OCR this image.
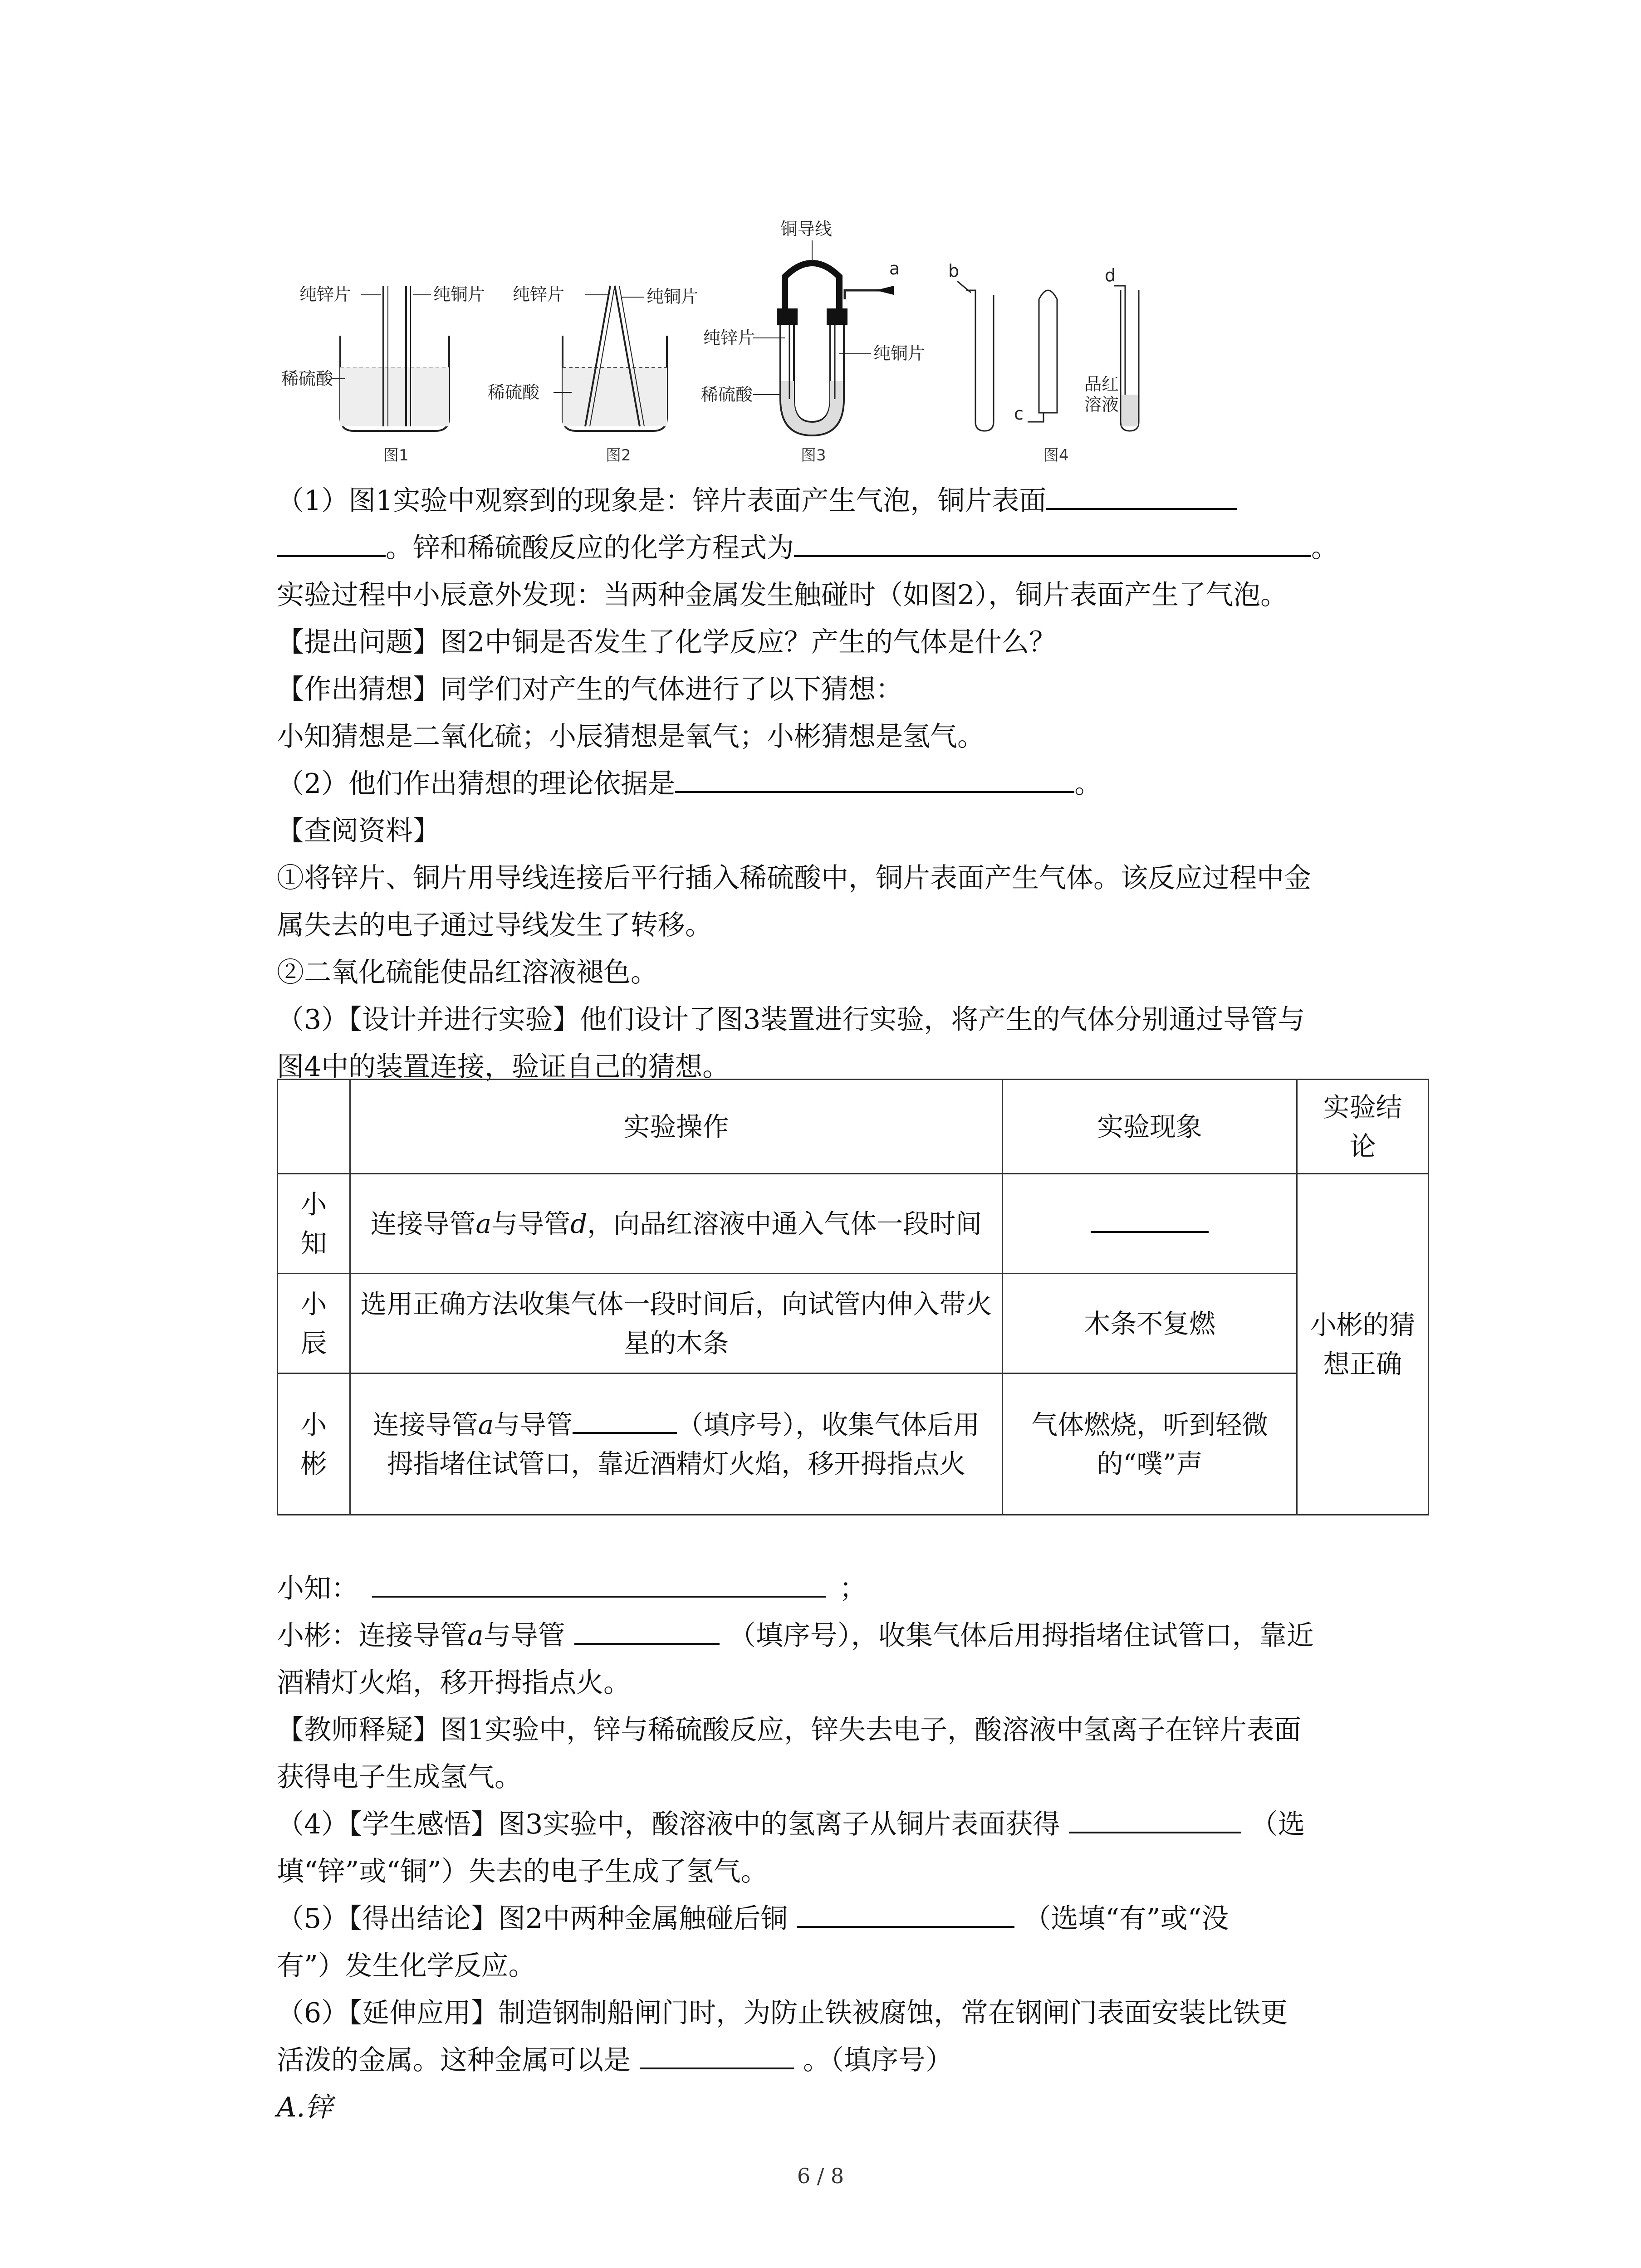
纯锌片	纯铜片
稀硫酸
图1
纯锌片	纯铜片
稀硫酸
图2
铜导线
a
纯锌片
纯铜片
稀硫酸
图3
b
c
d
品红
溶液
图4
（1）图1实验中观察到的现象是：锌片表面产生气泡，铜片表面
。锌和稀硫酸反应的化学方程式为	。
实验过程中小辰意外发现：当两种金属发生触碰时（如图2），铜片表面产生了气泡。
【提出问题】图2中铜是否发生了化学反应？产生的气体是什么？
【作出猜想】同学们对产生的气体进行了以下猜想：
小知猜想是二氧化硫；小辰猜想是氧气；小彬猜想是氢气。
（2）他们作出猜想的理论依据是	。
【查阅资料】
①将锌片、铜片用导线连接后平行插入稀硫酸中，铜片表面产生气体。该反应过程中金
属失去的电子通过导线发生了转移。
②二氧化硫能使品红溶液褪色。
（3）【设计并进行实验】他们设计了图3装置进行实验，将产生的气体分别通过导管与
图4中的装置连接，验证自己的猜想。
	实验操作	实验现象	实验结
论
小
知	连接导管a与导管d，向品红溶液中通入气体一段时间		小彬的猜想正确
小
辰	选用正确方法收集气体一段时间后，向试管内伸入带火星的木条	木条不复燃	
小
彬	连接导管a与导管 （填序号），收集气体后用拇指堵住试管口，靠近酒精灯火焰，移开拇指点火	气体燃烧，听到轻微的“噗”声	
小知：	；
小彬：连接导管a与导管	（填序号），收集气体后用拇指堵住试管口，靠近
酒精灯火焰，移开拇指点火。
【教师释疑】图1实验中，锌与稀硫酸反应，锌失去电子，酸溶液中氢离子在锌片表面
获得电子生成氢气。
（4）【学生感悟】图3实验中，酸溶液中的氢离子从铜片表面获得	（选
填“锌”或“铜”）失去的电子生成了氢气。
（5）【得出结论】图2中两种金属触碰后铜	（选填“有”或“没
有”）发生化学反应。
（6）【延伸应用】制造钢制船闸门时，为防止铁被腐蚀，常在钢闸门表面安装比铁更
活泼的金属。这种金属可以是	。（填序号）
A.锌
6 / 8
